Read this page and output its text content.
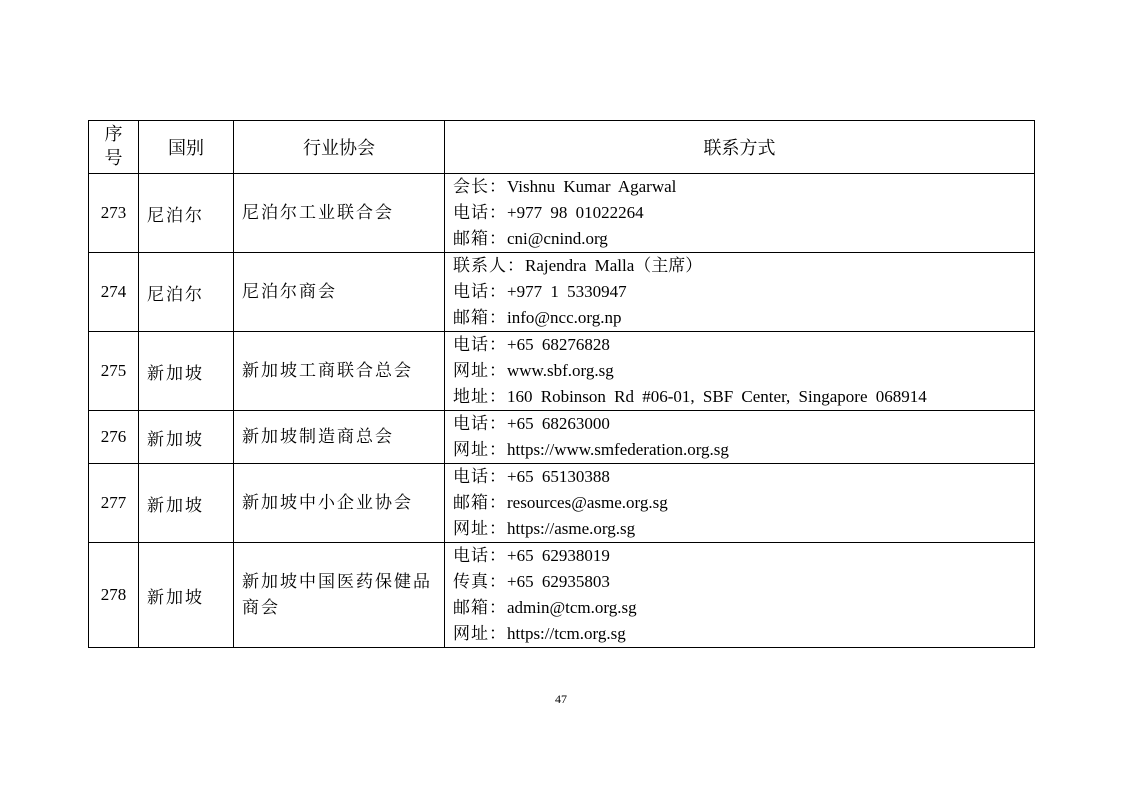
序
号	国别	行业协会	联系方式
273	尼泊尔	尼泊尔工业联合会	会长：Vishnu Kumar Agarwal
电话：+977 98 01022264
邮箱：cni@cnind.org

274	尼泊尔	尼泊尔商会	联系人：Rajendra Malla（主席）
电话：+977 1 5330947
邮箱：info@ncc.org.np

275	新加坡	新加坡工商联合总会	电话：+65 68276828
网址：www.sbf.org.sg
地址：160 Robinson Rd #06-01, SBF Center, Singapore 068914

276	新加坡	新加坡制造商总会	电话：+65 68263000
网址：https://www.smfederation.org.sg

277	新加坡	新加坡中小企业协会	电话：+65 65130388
邮箱：resources@asme.org.sg
网址：https://asme.org.sg

278	新加坡	新加坡中国医药保健品商会	电话：+65 62938019
传真：+65 62935803
邮箱：admin@tcm.org.sg
网址：https://tcm.org.sg
47
